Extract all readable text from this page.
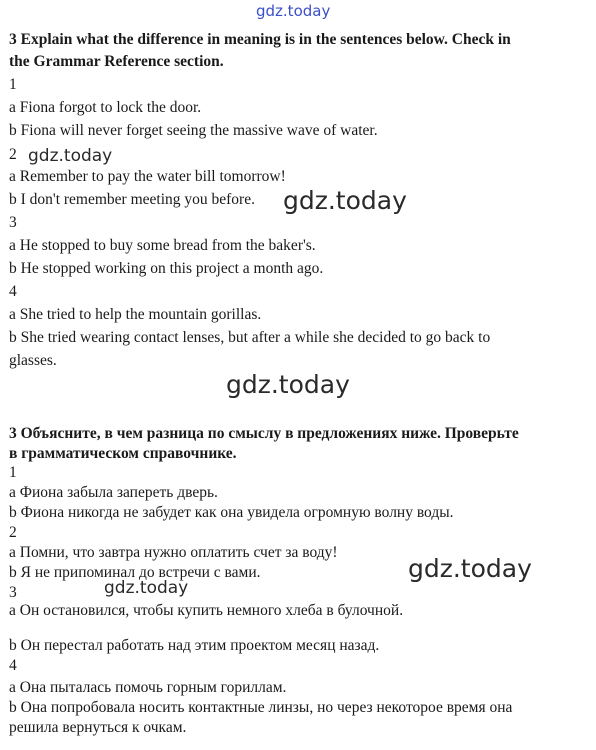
gdz.today
gdz.today
gdz.today
gdz.today
gdz.today
gdz.today
3 Explain what the difference in meaning is in the sentences below. Check in
the Grammar Reference section.
1
a Fiona forgot to lock the door.
b Fiona will never forget seeing the massive wave of water.
2
a Remember to pay the water bill tomorrow!
b I don't remember meeting you before.
3
a He stopped to buy some bread from the baker's.
b He stopped working on this project a month ago.
4
a She tried to help the mountain gorillas.
b She tried wearing contact lenses, but after a while she decided to go back to
glasses.
3 Объясните, в чем разница по смыслу в предложениях ниже. Проверьте
в грамматическом справочнике.
1
a Фиона забыла запереть дверь.
b Фиона никогда не забудет как она увидела огромную волну воды.
2
a Помни, что завтра нужно оплатить счет за воду!
b Я не припоминал до встречи с вами.
3
a Он остановился, чтобы купить немного хлеба в булочной.
b Он перестал работать над этим проектом месяц назад.
4
a Она пыталась помочь горным гориллам.
b Она попробовала носить контактные линзы, но через некоторое время она
решила вернуться к очкам.
